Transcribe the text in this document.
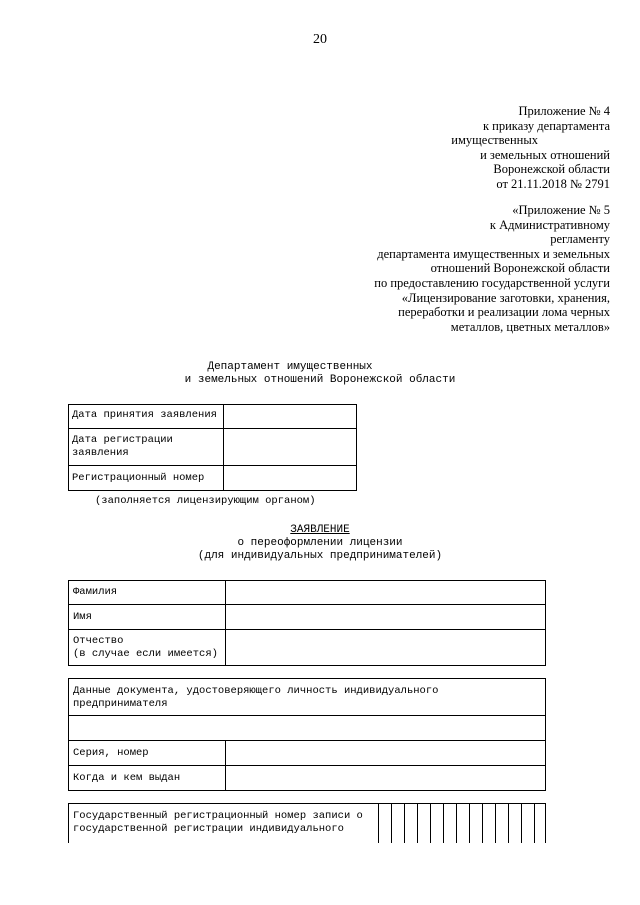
20
Приложение № 4
к приказу департамента
имущественных
и земельных отношений
Воронежской области
от 21.11.2018 № 2791
«Приложение № 5
к Административному
регламенту
департамента имущественных и земельных
отношений Воронежской области
по предоставлению государственной услуги
«Лицензирование заготовки, хранения,
переработки и реализации лома черных
металлов, цветных металлов»
Департамент имущественных
и земельных отношений Воронежской области
Дата принятия заявления
Дата регистрации
заявления
Регистрационный номер
(заполняется лицензирующим органом)
ЗАЯВЛЕНИЕ
о переоформлении лицензии
(для индивидуальных предпринимателей)
Фамилия
Имя
Отчество
(в случае если имеется)
Данные документа, удостоверяющего личность индивидуального
предпринимателя
Серия, номер
Когда и кем выдан
Государственный регистрационный номер записи о
государственной регистрации индивидуального
